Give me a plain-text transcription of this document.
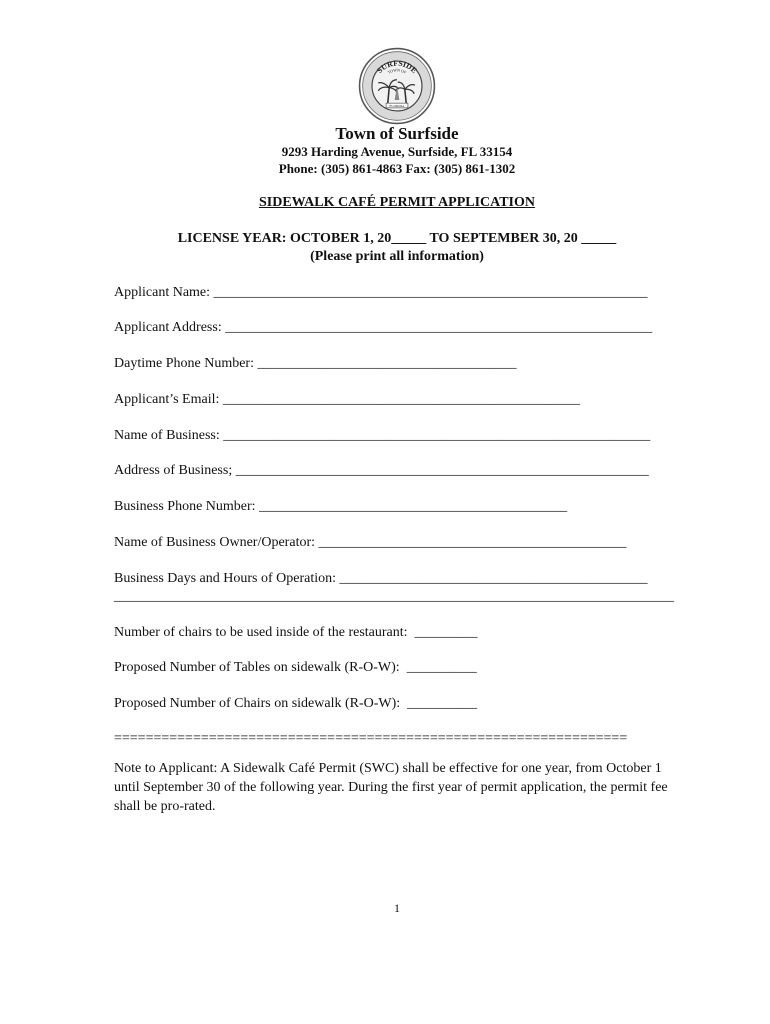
TOWN OF
SURFSIDE
FLORIDA
Town of Surfside
9293 Harding Avenue, Surfside, FL 33154
Phone: (305) 861-4863 Fax: (305) 861-1302
SIDEWALK CAFÉ PERMIT APPLICATION
LICENSE YEAR: OCTOBER 1, 20_____ TO SEPTEMBER 30, 20 _____
(Please print all information)
Applicant Name: ______________________________________________________________
Applicant Address: _____________________________________________________________
Daytime Phone Number: _____________________________________
Applicant’s Email: ___________________________________________________
Name of Business: _____________________________________________________________
Address of Business; ___________________________________________________________
Business Phone Number: ____________________________________________
Name of Business Owner/Operator: ____________________________________________
Business Days and Hours of Operation: ____________________________________________
________________________________________________________________________________
Number of chairs to be used inside of the restaurant: _________
Proposed Number of Tables on sidewalk (R-O-W): __________
Proposed Number of Chairs on sidewalk (R-O-W): __________
=================================================================
Note to Applicant: A Sidewalk Café Permit (SWC) shall be effective for one year, from October 1 until September 30 of the following year. During the first year of permit application, the permit fee shall be pro-rated.
1
